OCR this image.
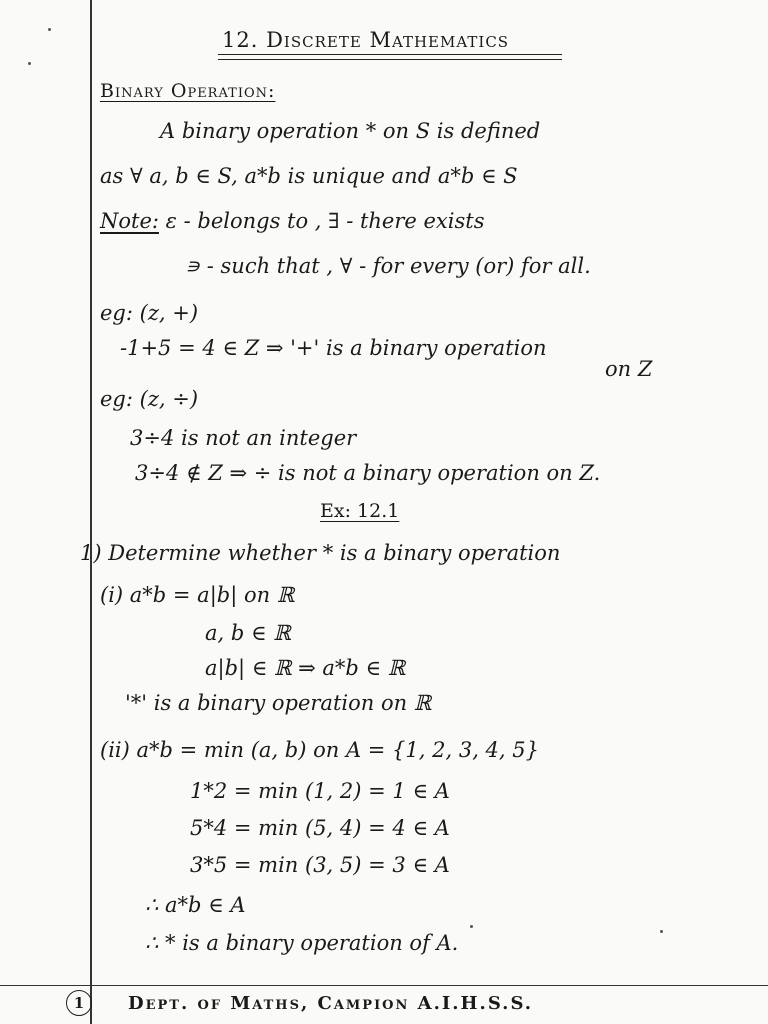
12. Discrete Mathematics
Binary Operation:
A binary operation * on S is defined
as ∀ a, b ∈ S, a*b is unique and a*b ∈ S
Note: ε - belongs to , ∃ - there exists
∍ - such that , ∀ - for every (or) for all.
eg: (z, +)
-1+5 = 4 ∈ Z ⇒ '+' is a binary operation
on Z
eg: (z, ÷)
3÷4 is not an integer
3÷4 ∉ Z ⇒ ÷ is not a binary operation on Z.
Ex: 12.1
1) Determine whether * is a binary operation
(i) a*b = a|b| on ℝ
a, b ∈ ℝ
a|b| ∈ ℝ ⇒ a*b ∈ ℝ
'*' is a binary operation on ℝ
(ii) a*b = min (a, b) on A = {1, 2, 3, 4, 5}
1*2 = min (1, 2) = 1 ∈ A
5*4 = min (5, 4) = 4 ∈ A
3*5 = min (3, 5) = 3 ∈ A
∴ a*b ∈ A
∴ * is a binary operation of A.
1	Dept. of Maths, Campion A.I.H.S.S.
